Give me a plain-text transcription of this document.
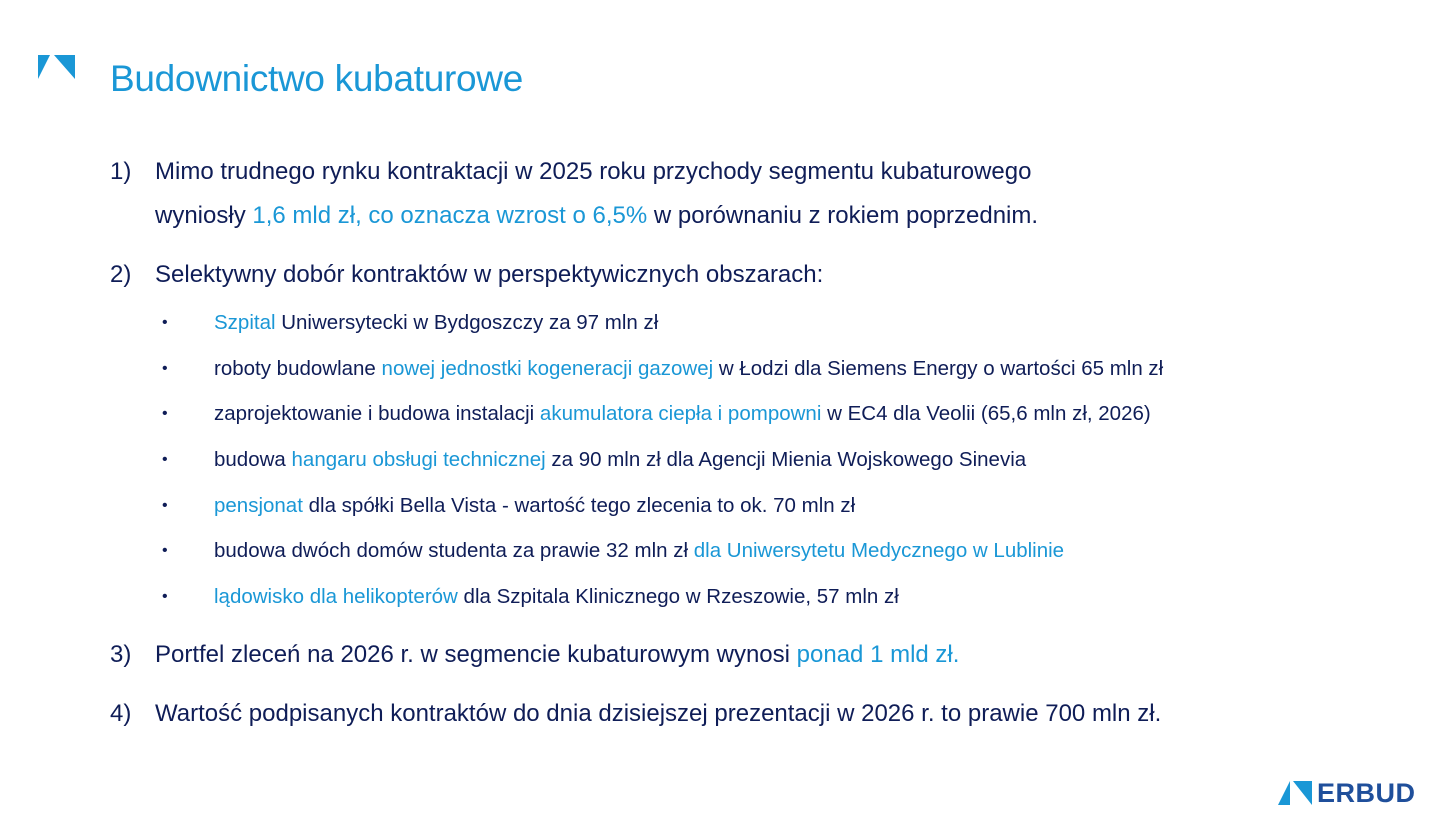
Budownictwo kubaturowe
1) Mimo trudnego rynku kontraktacji w 2025 roku przychody segmentu kubaturowego
wyniosły 1,6 mld zł, co oznacza wzrost o 6,5% w porównaniu z rokiem poprzednim.
2) Selektywny dobór kontraktów w perspektywicznych obszarach:
• Szpital Uniwersytecki w Bydgoszczy za 97 mln zł
• roboty budowlane nowej jednostki kogeneracji gazowej w Łodzi dla Siemens Energy o wartości 65 mln zł
• zaprojektowanie i budowa instalacji akumulatora ciepła i pompowni w EC4 dla Veolii (65,6 mln zł, 2026)
• budowa hangaru obsługi technicznej za 90 mln zł dla Agencji Mienia Wojskowego Sinevia
• pensjonat dla spółki Bella Vista - wartość tego zlecenia to ok. 70 mln zł
• budowa dwóch domów studenta za prawie 32 mln zł dla Uniwersytetu Medycznego w Lublinie
• lądowisko dla helikopterów dla Szpitala Klinicznego w Rzeszowie, 57 mln zł
3) Portfel zleceń na 2026 r. w segmencie kubaturowym wynosi ponad 1 mld zł.
4) Wartość podpisanych kontraktów do dnia dzisiejszej prezentacji w 2026 r. to prawie 700 mln zł.
ERBUD
